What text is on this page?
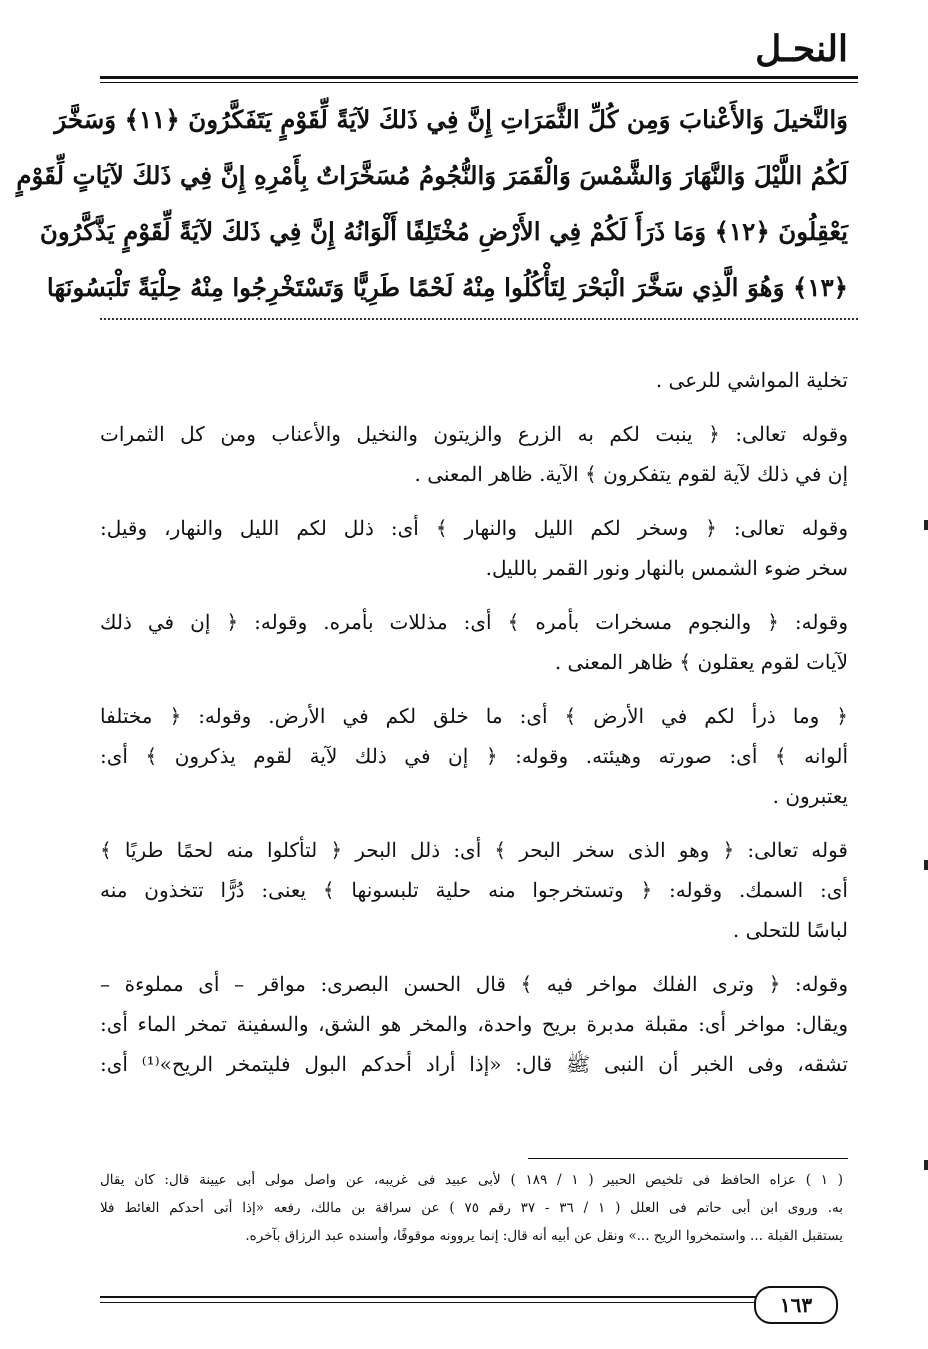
النحـل
وَالنَّخيلَ وَالأَعْنابَ وَمِن كُلِّ الثَّمَرَاتِ إِنَّ فِي ذَلكَ لآيَةً لِّقَوْمٍ يَتَفَكَّرُونَ ﴿١١﴾ وَسَخَّرَ
لَكُمُ اللَّيْلَ وَالنَّهَارَ وَالشَّمْسَ وَالْقَمَرَ وَالنُّجُومُ مُسَخَّرَاتٌ بِأَمْرِهِ إِنَّ فِي ذَلكَ لآيَاتٍ لِّقَوْمٍ
يَعْقِلُونَ ﴿١٢﴾ وَمَا ذَرَأَ لَكُمْ فِي الأَرْضِ مُخْتَلِفًا أَلْوَانُهُ إِنَّ فِي ذَلكَ لآيَةً لِّقَوْمٍ يَذَّكَّرُونَ
﴿١٣﴾ وَهُوَ الَّذِي سَخَّرَ الْبَحْرَ لِتَأْكُلُوا مِنْهُ لَحْمًا طَرِيًّا وَتَسْتَخْرِجُوا مِنْهُ حِلْيَةً تَلْبَسُونَهَا

تخلية المواشي للرعى .

وقوله تعالى: ﴿ ينبت لكم به الزرع والزيتون والنخيل والأعناب ومن كل الثمرات
إن في ذلك لآية لقوم يتفكرون ﴾ الآية. ظاهر المعنى .

وقوله تعالى: ﴿ وسخر لكم الليل والنهار ﴾ أى: ذلل لكم الليل والنهار، وقيل:
سخر ضوء الشمس بالنهار ونور القمر بالليل.

وقوله: ﴿ والنجوم مسخرات بأمره ﴾ أى: مذللات بأمره. وقوله: ﴿ إن في ذلك
لآيات لقوم يعقلون ﴾ ظاهر المعنى .

﴿ وما ذرأ لكم في الأرض ﴾ أى: ما خلق لكم في الأرض. وقوله: ﴿ مختلفا
ألوانه ﴾ أى: صورته وهيئته. وقوله: ﴿ إن في ذلك لآية لقوم يذكرون ﴾ أى:
يعتبرون .

قوله تعالى: ﴿ وهو الذى سخر البحر ﴾ أى: ذلل البحر ﴿ لتأكلوا منه لحمًا طريًا ﴾
أى: السمك. وقوله: ﴿ وتستخرجوا منه حلية تلبسونها ﴾ يعنى: دُرًّا تتخذون منه
لباسًا للتحلى .

وقوله: ﴿ وترى الفلك مواخر فيه ﴾ قال الحسن البصرى: مواقر – أى مملوءة –
ويقال: مواخر أى: مقبلة مدبرة بريح واحدة، والمخر هو الشق، والسفينة تمخر الماء أى:
تشقه، وفى الخبر أن النبى ﷺ قال: «إذا أراد أحدكم البول فليتمخر الريح»⁽¹⁾ أى:

( ١ ) عزاه الحافظ فى تلخيص الحبير ( ١ / ١٨٩ ) لأبى عبيد فى غريبه، عن واصل مولى أبى عيينة قال: كان يقال
به. وروى ابن أبى حاتم فى العلل ( ١ / ٣٦ - ٣٧ رقم ٧٥ ) عن سراقة بن مالك، رفعه «إذا أتى أحدكم الغائط فلا
يستقبل القبلة ... واستمخروا الريح ...» ونقل عن أبيه أنه قال: إنما يروونه موقوفًا، وأسنده عبد الرزاق بآخره.
١٦٣
